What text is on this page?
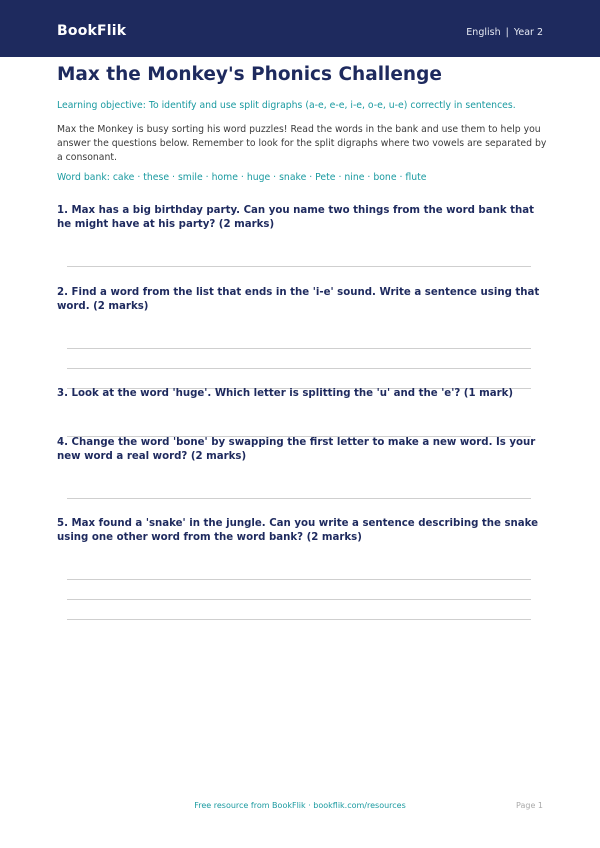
BookFlik	English | Year 2
Max the Monkey's Phonics Challenge
Learning objective: To identify and use split digraphs (a-e, e-e, i-e, o-e, u-e) correctly in sentences.
Max the Monkey is busy sorting his word puzzles! Read the words in the bank and use them to help you answer the questions below. Remember to look for the split digraphs where two vowels are separated by a consonant.
Word bank: cake · these · smile · home · huge · snake · Pete · nine · bone · flute
1. Max has a big birthday party. Can you name two things from the word bank that he might have at his party? (2 marks)
2. Find a word from the list that ends in the 'i-e' sound. Write a sentence using that word. (2 marks)
3. Look at the word 'huge'. Which letter is splitting the 'u' and the 'e'? (1 mark)
4. Change the word 'bone' by swapping the first letter to make a new word. Is your new word a real word? (2 marks)
5. Max found a 'snake' in the jungle. Can you write a sentence describing the snake using one other word from the word bank? (2 marks)
Free resource from BookFlik · bookflik.com/resources	Page 1
